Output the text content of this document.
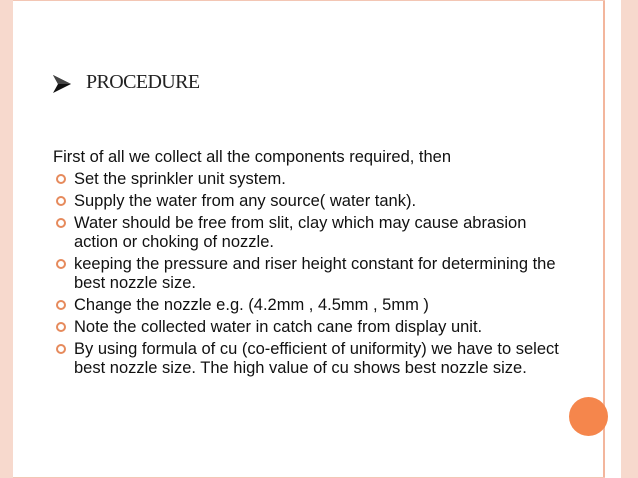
PROCEDURE

First of all we collect all the components required, then

Set the sprinkler unit system.
Supply the water from any source( water tank).
Water should be free from slit, clay which may cause abrasion action or choking of nozzle.
keeping the pressure and riser height constant for determining the best nozzle size.
Change the nozzle e.g. (4.2mm , 4.5mm , 5mm )
Note the collected water in catch cane from display unit.
By using formula of cu (co-efficient of uniformity) we have to select best nozzle size. The high value of cu shows best nozzle size.
